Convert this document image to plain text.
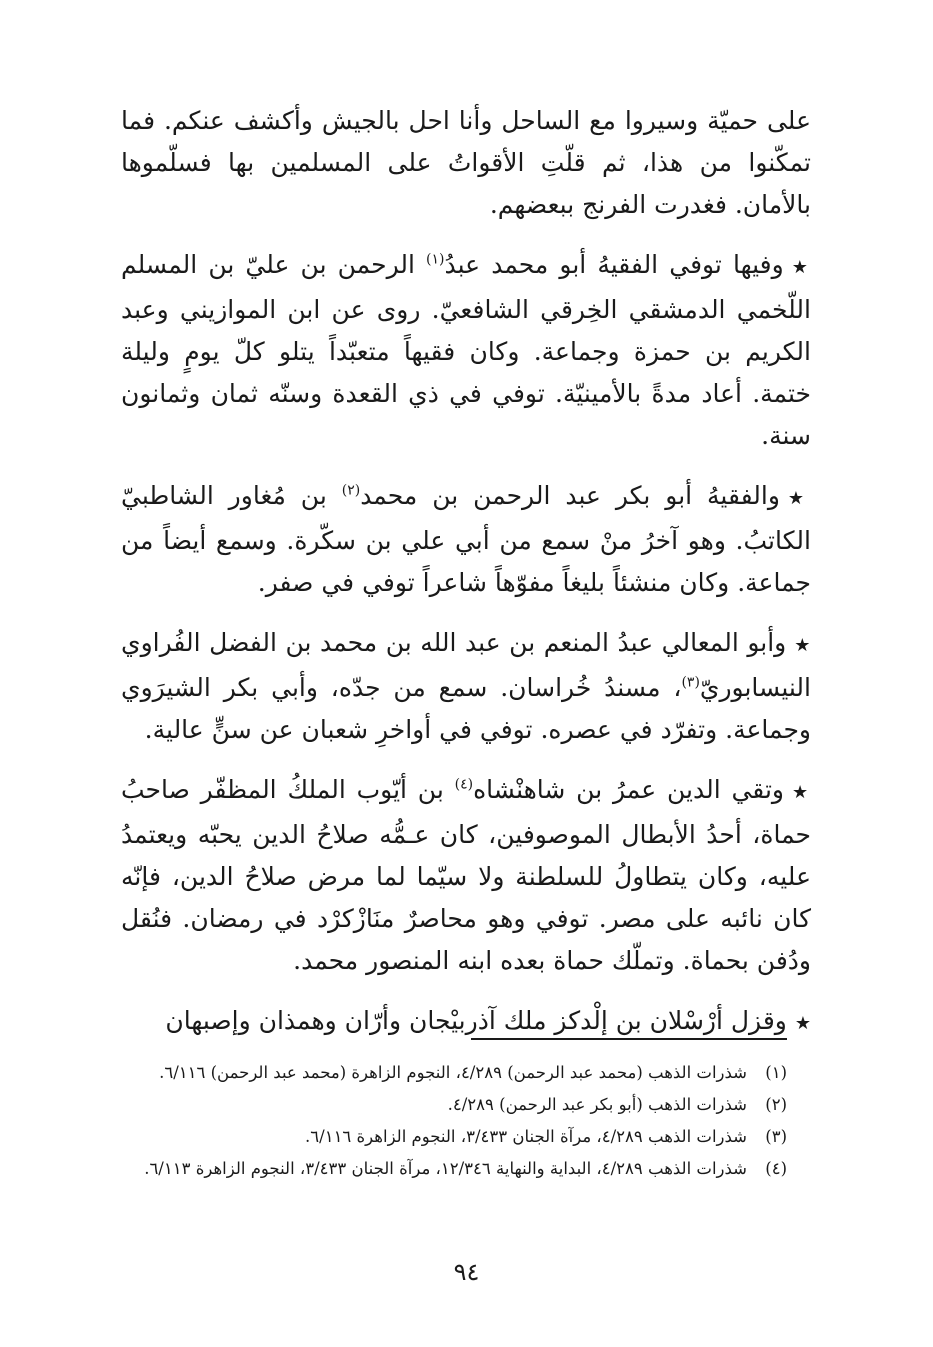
على حميّة وسيروا مع الساحل وأنا احل بالجيش وأكشف عنكم. فما تمكّنوا من هذا، ثم قلّتِ الأقواتُ على المسلمين بها فسلّموها بالأمان. فغدرت الفرنج ببعضهم.

★وفيها توفي الفقيهُ أبو محمد عبدُ$^{(١)}$ الرحمن بن عليّ بن المسلم اللّخمي الدمشقي الخِرقي الشافعيّ. روى عن ابن الموازيني وعبد الكريم بن حمزة وجماعة. وكان فقيهاً متعبّداً يتلو كلّ يومٍ وليلة ختمة. أعاد مدةً بالأمينيّة. توفي في ذي القعدة وسنّه ثمان وثمانون سنة.

★والفقيهُ أبو بكر عبد الرحمن بن محمد$^{(٢)}$ بن مُغاور الشاطبيّ الكاتبُ. وهو آخرُ منْ سمع من أبي علي بن سكّرة. وسمع أيضاً من جماعة. وكان منشئاً بليغاً مفوّهاً شاعراً توفي في صفر.

★وأبو المعالي عبدُ المنعم بن عبد الله بن محمد بن الفضل الفُراوي النيسابوريّ$^{(٣)}$، مسندُ خُراسان. سمع من جدّه، وأبي بكر الشيرَوي وجماعة. وتفرّد في عصره. توفي في أواخرِ شعبان عن سنٍّ عالية.

★وتقي الدين عمرُ بن شاهنْشاه$^{(٤)}$ بن أيّوب الملكُ المظفّر صاحبُ حماة، أحدُ الأبطال الموصوفين، كان عـمُّه صلاحُ الدين يحبّه ويعتمدُ عليه، وكان يتطاولُ للسلطنة ولا سيّما لما مرض صلاحُ الدين، فإنّه كان نائبه على مصر. توفي وهو محاصرٌ منَازْكرْد في رمضان. فنُقل ودُفن بحماة. وتملّك حماة بعده ابنه المنصور محمد.

★وقزل أرْسْلان بن إلْدكز ملك آذربيْجان وأرّان وهمذان وإصبهان

(١)شذرات الذهب (محمد عبد الرحمن) ٤/٢٨٩، النجوم الزاهرة (محمد عبد الرحمن) ٦/١١٦.

(٢)شذرات الذهب (أبو بكر عبد الرحمن) ٤/٢٨٩.

(٣)شذرات الذهب ٤/٢٨٩، مرآة الجنان ٣/٤٣٣، النجوم الزاهرة ٦/١١٦.

(٤)شذرات الذهب ٤/٢٨٩، البداية والنهاية ١٢/٣٤٦، مرآة الجنان ٣/٤٣٣، النجوم الزاهرة ٦/١١٣.

٩٤
